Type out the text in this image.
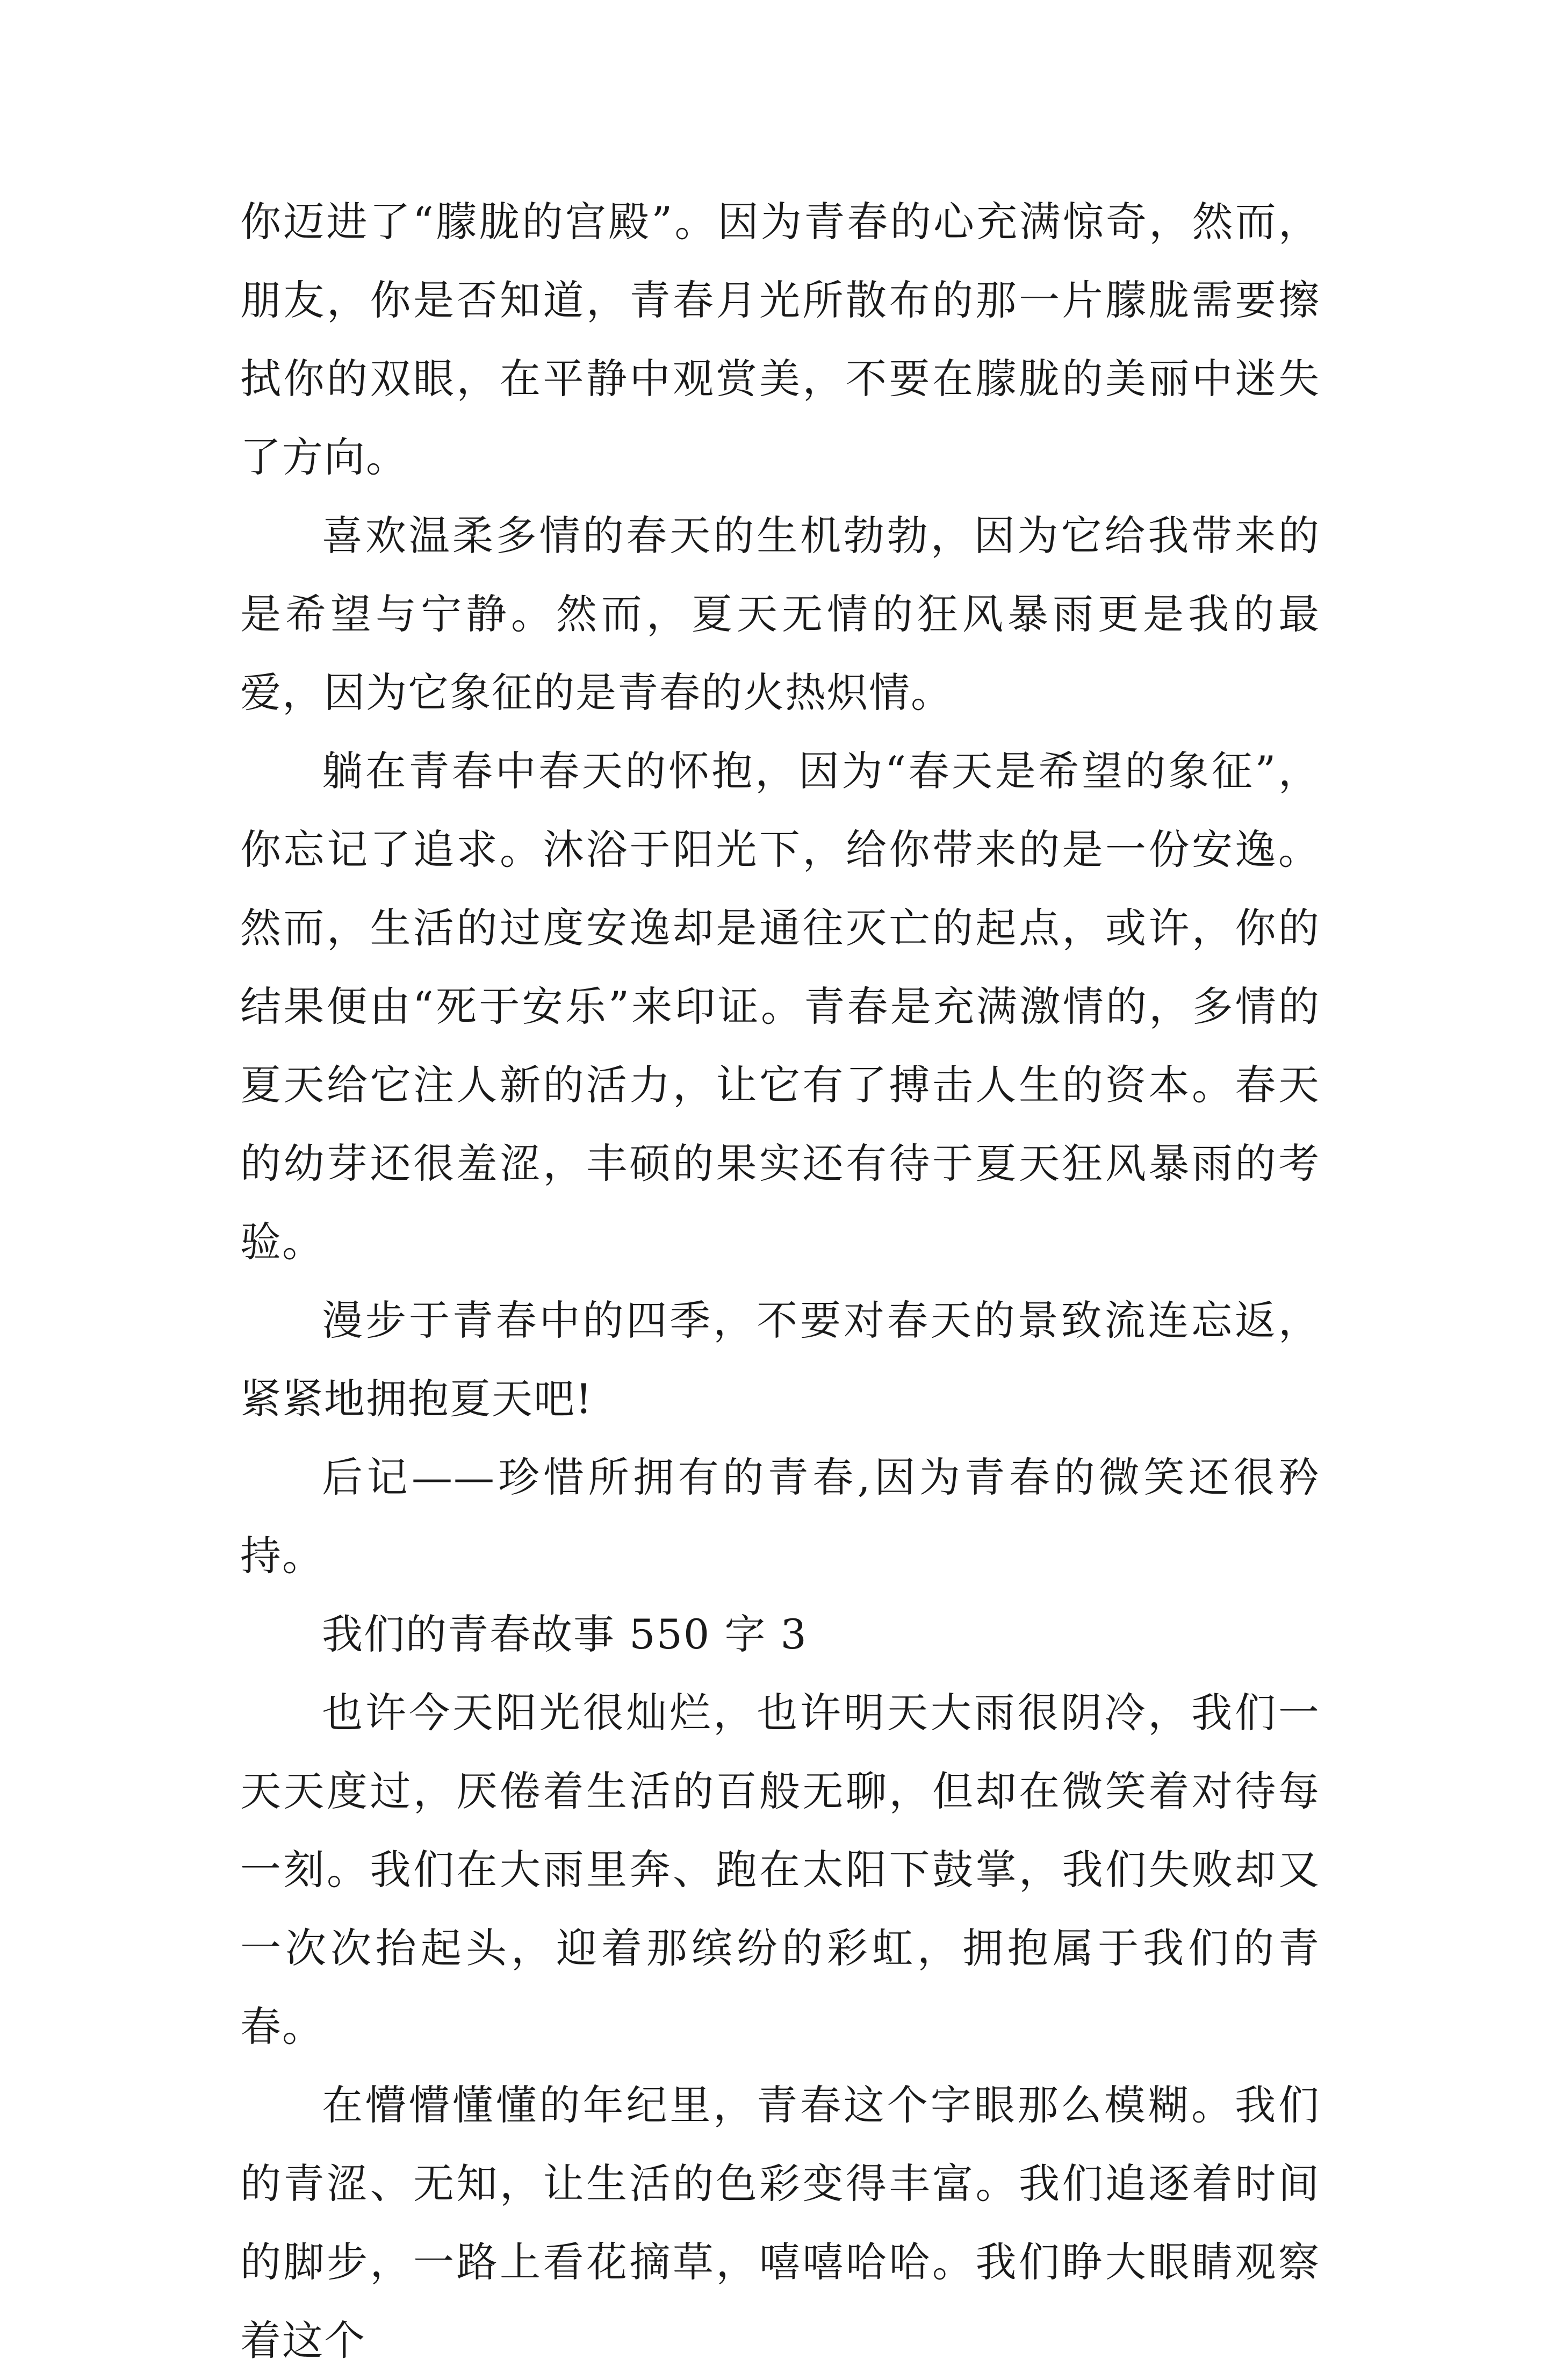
你迈进了“朦胧的宫殿”。因为青春的心充满惊奇，然而，朋友，你是否知道，青春月光所散布的那一片朦胧需要擦拭你的双眼，在平静中观赏美，不要在朦胧的美丽中迷失了方向。

喜欢温柔多情的春天的生机勃勃，因为它给我带来的是希望与宁静。然而，夏天无情的狂风暴雨更是我的最爱，因为它象征的是青春的火热炽情。

躺在青春中春天的怀抱，因为“春天是希望的象征”，你忘记了追求。沐浴于阳光下，给你带来的是一份安逸。然而，生活的过度安逸却是通往灭亡的起点，或许，你的结果便由“死于安乐”来印证。青春是充满激情的，多情的夏天给它注人新的活力，让它有了搏击人生的资本。春天的幼芽还很羞涩，丰硕的果实还有待于夏天狂风暴雨的考验。

漫步于青春中的四季，不要对春天的景致流连忘返，紧紧地拥抱夏天吧!

后记——珍惜所拥有的青春,因为青春的微笑还很矜持。

我们的青春故事 550 字 3

也许今天阳光很灿烂，也许明天大雨很阴冷，我们一天天度过，厌倦着生活的百般无聊，但却在微笑着对待每一刻。我们在大雨里奔、跑在太阳下鼓掌，我们失败却又一次次抬起头，迎着那缤纷的彩虹，拥抱属于我们的青春。

在懵懵懂懂的年纪里，青春这个字眼那么模糊。我们的青涩、无知，让生活的色彩变得丰富。我们追逐着时间的脚步，一路上看花摘草，嘻嘻哈哈。我们睁大眼睛观察着这个
